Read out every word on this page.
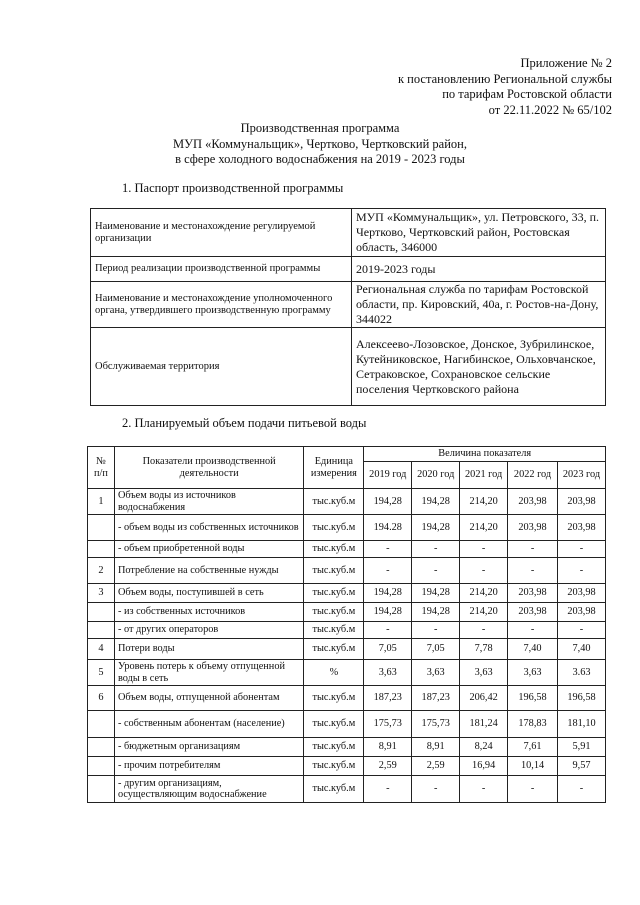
Приложение № 2
к постановлению Региональной службы
по тарифам Ростовской области
от 22.11.2022 № 65/102
Производственная программа
МУП «Коммунальщик», Чертково, Чертковский район,
в сфере холодного водоснабжения на 2019 - 2023 годы
1. Паспорт производственной программы
Наименование и местонахождение регулируемой организации	МУП «Коммунальщик», ул. Петровского, 33, п. Чертково, Чертковский район, Ростовская область, 346000
Период реализации производственной программы	2019-2023 годы
Наименование и местонахождение уполномоченного органа, утвердившего производственную программу	Региональная служба по тарифам Ростовской области, пр. Кировский, 40а, г. Ростов-на-Дону, 344022
Обслуживаемая территория	Алексеево-Лозовское, Донское, Зубрилинское, Кутейниковское, Нагибинское, Ольховчанское, Сетраковское, Сохрановское сельские поселения Чертковского района
2. Планируемый объем подачи питьевой воды
№ п/п	Показатели производственной деятельности	Единица измерения	Величина показателя				
			2019 год	2020 год	2021 год	2022 год	2023 год
1	Объем воды из источников водоснабжения	тыс.куб.м	194,28	194,28	214,20	203,98	203,98
	- объем воды из собственных источников	тыс.куб.м	194.28	194,28	214,20	203,98	203,98
	- объем приобретенной воды	тыс.куб.м	-	-	-	-	-
2	Потребление на собственные нужды	тыс.куб.м	-	-	-	-	-
3	Объем воды, поступившей в сеть	тыс.куб.м	194,28	194,28	214,20	203,98	203,98
	- из собственных источников	тыс.куб.м	194,28	194,28	214,20	203,98	203,98
	- от других операторов	тыс.куб.м	-	-	-	-	-
4	Потери воды	тыс.куб.м	7,05	7,05	7,78	7,40	7,40
5	Уровень потерь к объему отпущенной воды в сеть	%	3,63	3,63	3,63	3,63	3.63
6	Объем воды, отпущенной абонентам	тыс.куб.м	187,23	187,23	206,42	196,58	196,58
	- собственным абонентам (население)	тыс.куб.м	175,73	175,73	181,24	178,83	181,10
	- бюджетным организациям	тыс.куб.м	8,91	8,91	8,24	7,61	5,91
	- прочим потребителям	тыс.куб.м	2,59	2,59	16,94	10,14	9,57
	- другим организациям, осуществляющим водоснабжение	тыс.куб.м	-	-	-	-	-
